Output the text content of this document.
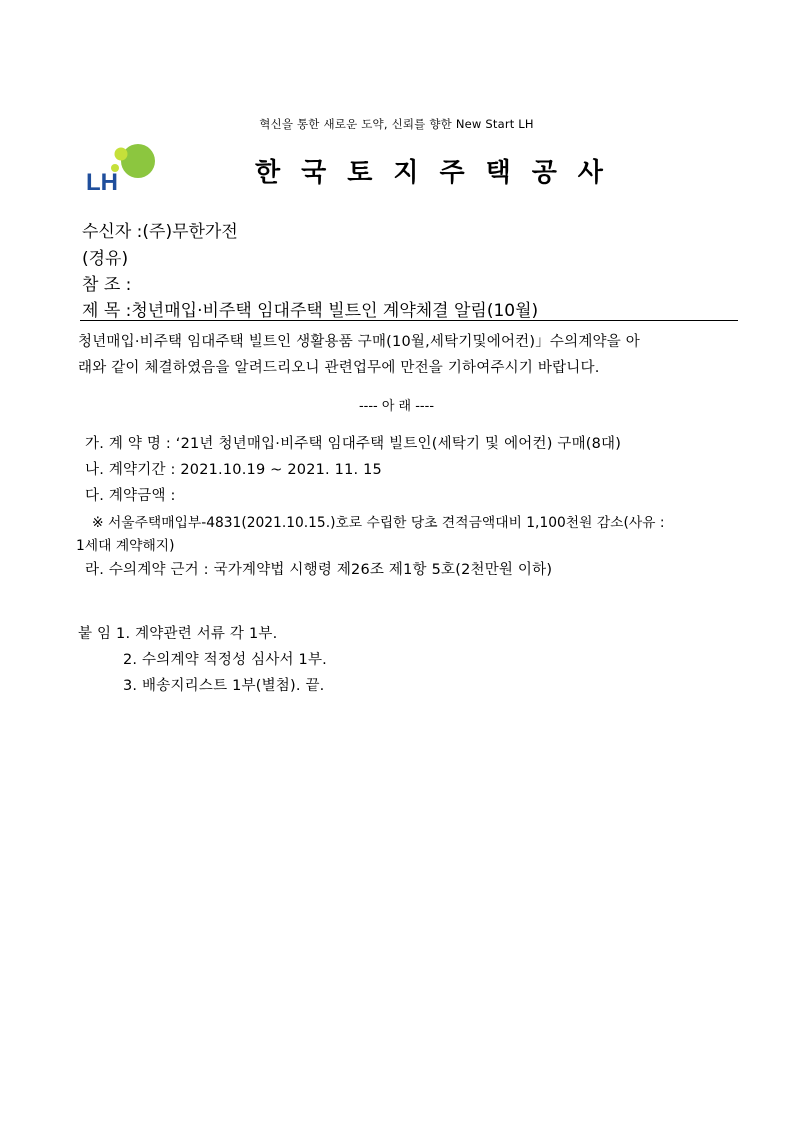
혁신을 통한 새로운 도약, 신뢰를 향한 New Start LH
LH	한국토지주택공사
수신자 :(주)무한가전
(경유)
참 조 :
제 목 :청년매입·비주택 임대주택 빌트인 계약체결 알림(10월)
청년매입·비주택 임대주택 빌트인 생활용품 구매(10월,세탁기및에어컨)」수의계약을 아
래와 같이 체결하였음을 알려드리오니 관련업무에 만전을 기하여주시기 바랍니다.
---- 아 래 ----
가. 계 약 명 : ‘21년 청년매입·비주택 임대주택 빌트인(세탁기 및 에어컨) 구매(8대)
나. 계약기간 : 2021.10.19 ~ 2021. 11. 15
다. 계약금액 :
※ 서울주택매입부-4831(2021.10.15.)호로 수립한 당초 견적금액대비 1,100천원 감소(사유 :
1세대 계약해지)
라. 수의계약 근거 : 국가계약법 시행령 제26조 제1항 5호(2천만원 이하)
붙 임 1. 계약관련 서류 각 1부.
2. 수의계약 적정성 심사서 1부.
3. 배송지리스트 1부(별첨). 끝.
